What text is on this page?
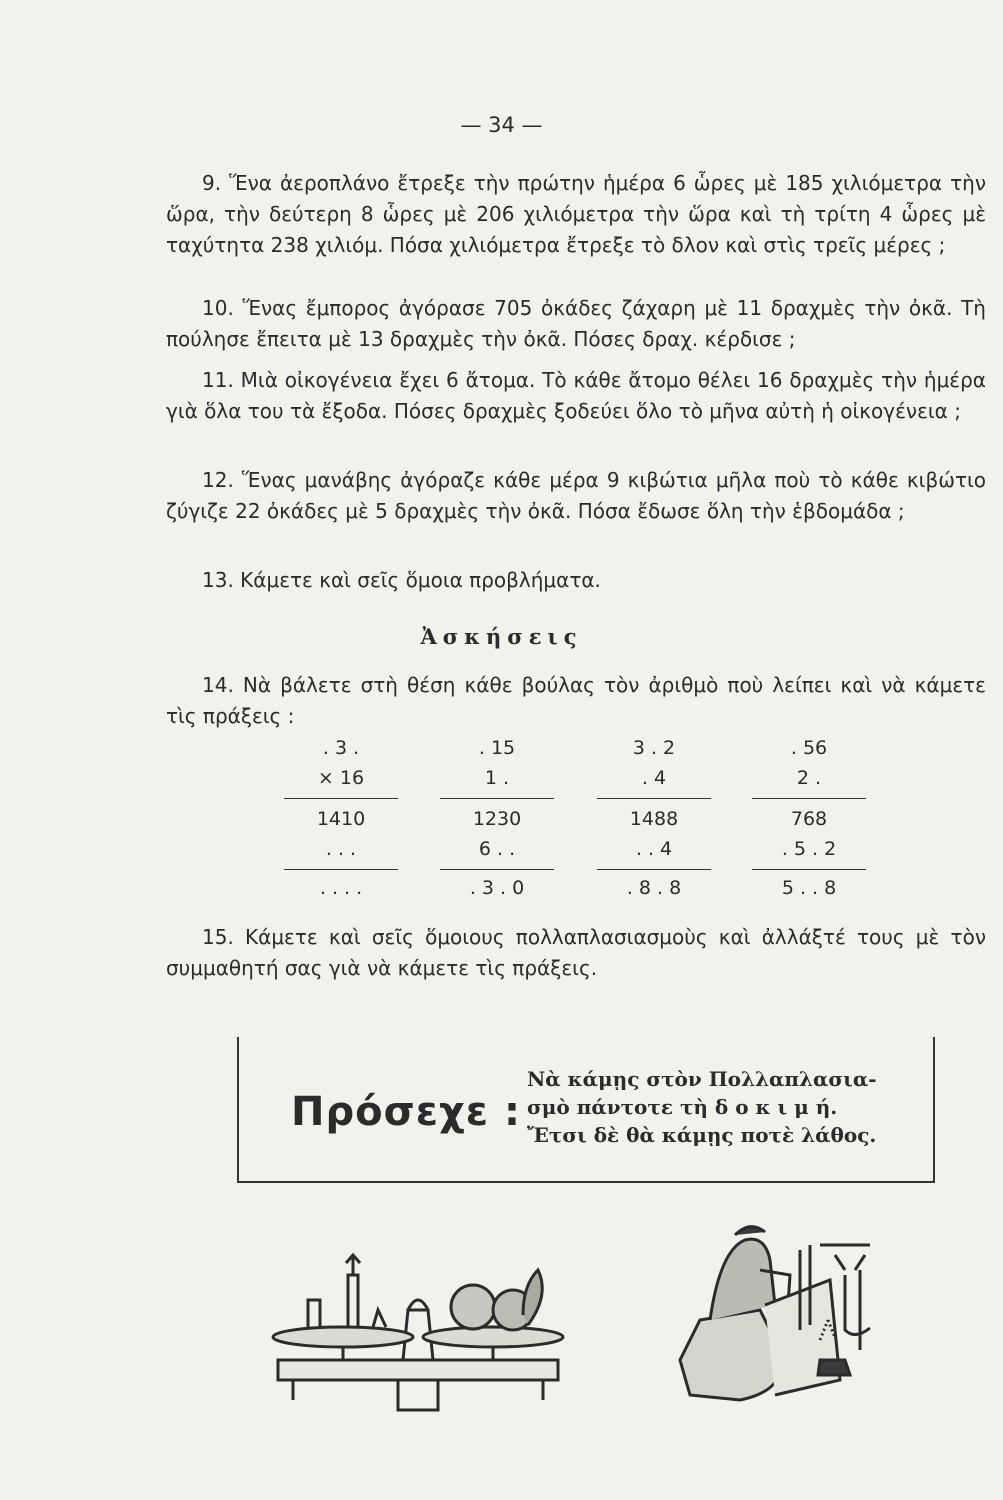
— 34 —

9. Ἕνα ἀεροπλάνο ἔτρεξε τὴν πρώτην ἡμέρα 6 ὧρες μὲ 185 χιλιόμετρα τὴν ὥρα, τὴν δεύτερη 8 ὧρες μὲ 206 χιλιόμετρα τὴν ὥρα καὶ τὴ τρίτη 4 ὧρες μὲ ταχύτητα 238 χιλιόμ. Πόσα χιλιόμετρα ἔτρεξε τὸ δλον καὶ στὶς τρεῖς μέρες ;

10. Ἕνας ἔμπορος ἀγόρασε 705 ὀκάδες ζάχαρη μὲ 11 δραχμὲς τὴν ὀκᾶ. Τὴ πούλησε ἔπειτα μὲ 13 δραχμὲς τὴν ὀκᾶ. Πόσες δραχ. κέρδισε ;

11. Μιὰ οἰκογένεια ἔχει 6 ἄτομα. Τὸ κάθε ἄτομο θέλει 16 δραχμὲς τὴν ἡμέρα γιὰ ὅλα του τὰ ἔξοδα. Πόσες δραχμὲς ξοδεύει ὅλο τὸ μῆνα αὐτὴ ἡ οἰκογένεια ;

12. Ἕνας μανάβης ἀγόραζε κάθε μέρα 9 κιβώτια μῆλα ποὺ τὸ κάθε κιβώτιο ζύγιζε 22 ὀκάδες μὲ 5 δραχμὲς τὴν ὀκᾶ. Πόσα ἔδωσε ὅλη τὴν ἑβδομάδα ;

13. Κάμετε καὶ σεῖς ὅμοια προβλήματα.

Ἀσκήσεις

14. Νὰ βάλετε στὴ θέση κάθε βούλας τὸν ἀριθμὸ ποὺ λείπει καὶ νὰ κάμετε τὶς πράξεις :

. 3 .
× 16
1410
. . .
. . . .
. 15
1 .
1230
6 . .
. 3 . 0
3 . 2
. 4
1488
. . 4
. 8 . 8
. 56
2 .
768
. 5 . 2
5 . . 8

15. Κάμετε καὶ σεῖς ὅμοιους πολλαπλασιασμοὺς καὶ ἀλλάξτέ τους μὲ τὸν συμμαθητή σας γιὰ νὰ κάμετε τὶς πράξεις.

Πρόσεχε :
Νὰ κάμῃς στὸν Πολλαπλασια-
σμὸ πάντοτε τὴ δ ο κ ι μ ή.
Ἔτσι δὲ θὰ κάμῃς ποτὲ λάθος.
